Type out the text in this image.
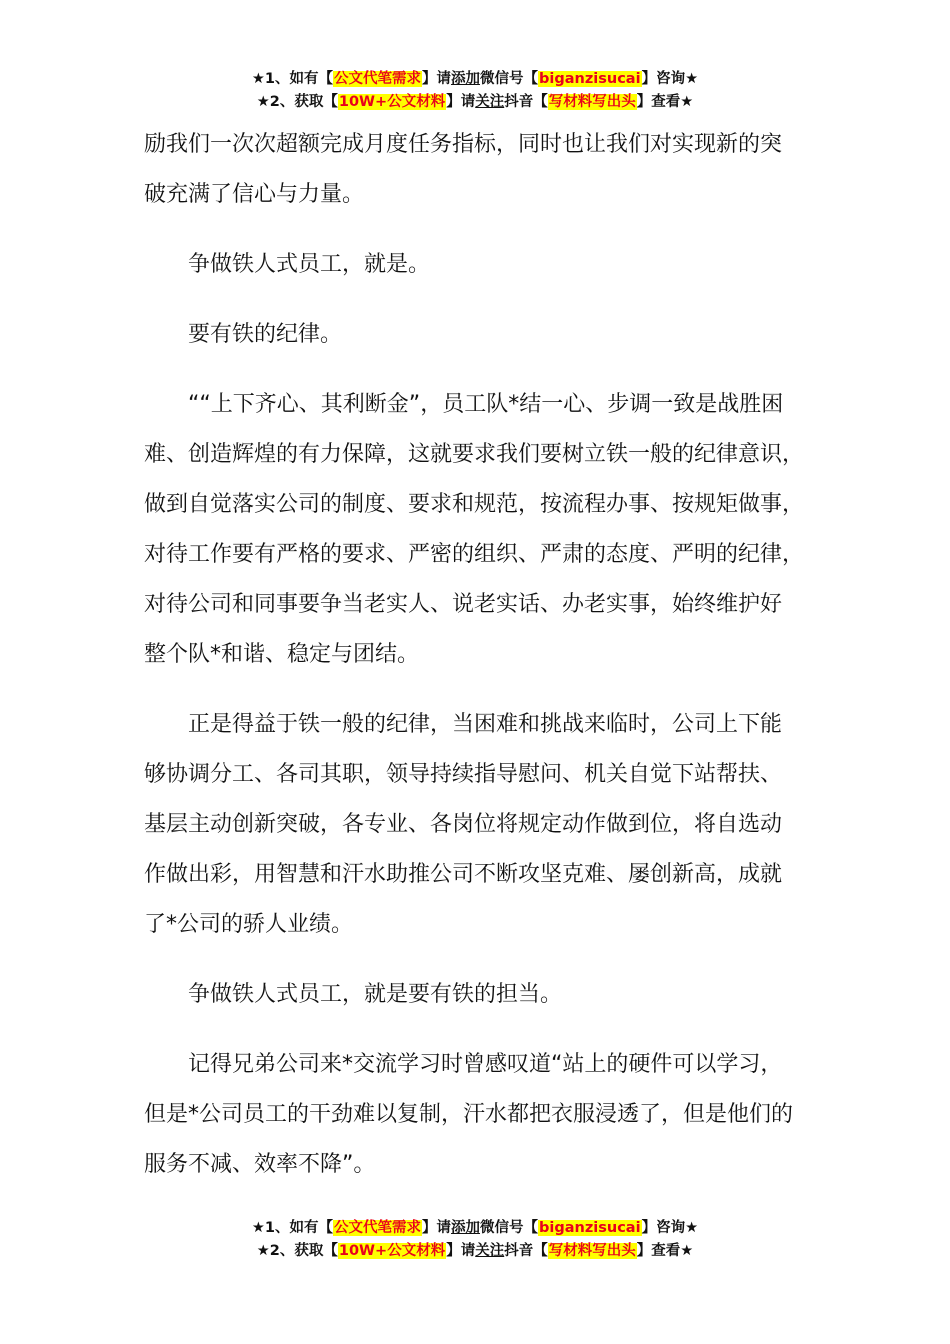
★1、如有【公文代笔需求】请添加微信号【biganzisucai】咨询★
★2、获取【10W+公文材料】请关注抖音【写材料写出头】查看★

励我们一次次超额完成月度任务指标，同时也让我们对实现新的突
破充满了信心与力量。

争做铁人式员工，就是。

要有铁的纪律。

““上下齐心、其利断金”，员工队*结一心、步调一致是战胜困
难、创造辉煌的有力保障，这就要求我们要树立铁一般的纪律意识，
做到自觉落实公司的制度、要求和规范，按流程办事、按规矩做事，
对待工作要有严格的要求、严密的组织、严肃的态度、严明的纪律，
对待公司和同事要争当老实人、说老实话、办老实事，始终维护好
整个队*和谐、稳定与团结。

正是得益于铁一般的纪律，当困难和挑战来临时，公司上下能
够协调分工、各司其职，领导持续指导慰问、机关自觉下站帮扶、
基层主动创新突破，各专业、各岗位将规定动作做到位，将自选动
作做出彩，用智慧和汗水助推公司不断攻坚克难、屡创新高，成就
了*公司的骄人业绩。

争做铁人式员工，就是要有铁的担当。

记得兄弟公司来*交流学习时曾感叹道“站上的硬件可以学习，
但是*公司员工的干劲难以复制，汗水都把衣服浸透了，但是他们的
服务不减、效率不降”。

★1、如有【公文代笔需求】请添加微信号【biganzisucai】咨询★
★2、获取【10W+公文材料】请关注抖音【写材料写出头】查看★
